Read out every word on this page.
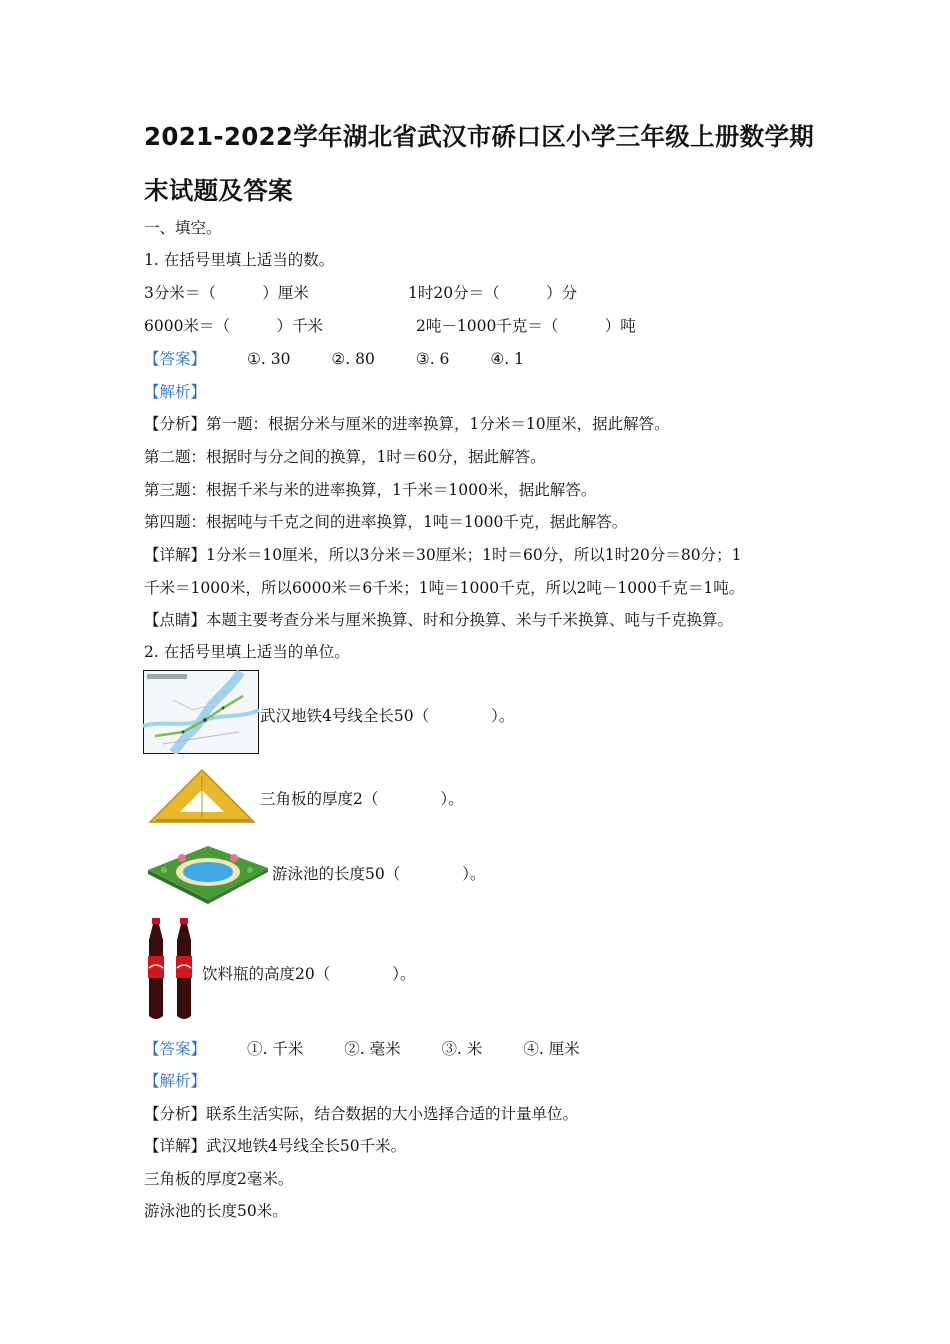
2021-2022学年湖北省武汉市硚口区小学三年级上册数学期末试题及答案
一、填空。
1. 在括号里填上适当的数。
3分米＝（　　　）厘米	1时20分＝（　　　）分
6000米＝（　　　）千米	2吨－1000千克＝（　　　）吨
【答案】	①. 30	②. 80	③. 6	④. 1
【解析】
【分析】第一题：根据分米与厘米的进率换算，1分米＝10厘米，据此解答。
第二题：根据时与分之间的换算，1时＝60分，据此解答。
第三题：根据千米与米的进率换算，1千米＝1000米，据此解答。
第四题：根据吨与千克之间的进率换算，1吨＝1000千克，据此解答。
【详解】1分米＝10厘米，所以3分米＝30厘米；1时＝60分，所以1时20分＝80分；1
千米＝1000米，所以6000米＝6千米；1吨＝1000千克，所以2吨－1000千克＝1吨。
【点睛】本题主要考查分米与厘米换算、时和分换算、米与千米换算、吨与千克换算。
2. 在括号里填上适当的单位。
武汉地铁4号线全长50（　　　　）。
三角板的厚度2（　　　　）。
游泳池的长度50（　　　　）。
饮料瓶的高度20（　　　　）。
【答案】	①. 千米	②. 毫米	③. 米	④. 厘米
【解析】
【分析】联系生活实际，结合数据的大小选择合适的计量单位。
【详解】武汉地铁4号线全长50千米。
三角板的厚度2毫米。
游泳池的长度50米。
